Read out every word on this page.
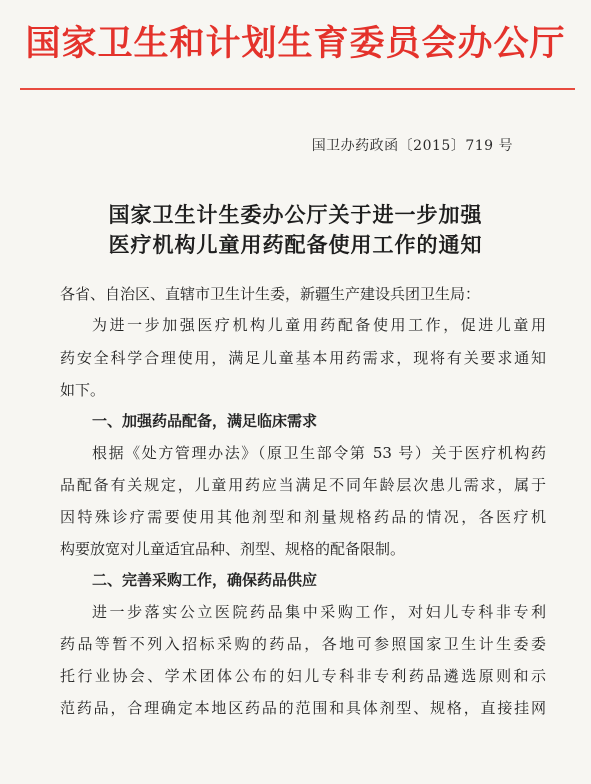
国家卫生和计划生育委员会办公厅
国卫办药政函〔2015〕719 号
国家卫生计生委办公厅关于进一步加强
医疗机构儿童用药配备使用工作的通知
各省、自治区、直辖市卫生计生委，新疆生产建设兵团卫生局：
为进一步加强医疗机构儿童用药配备使用工作，促进儿童用
药安全科学合理使用，满足儿童基本用药需求，现将有关要求通知
如下。
一、加强药品配备，满足临床需求
根据《处方管理办法》（原卫生部令第 53 号）关于医疗机构药
品配备有关规定，儿童用药应当满足不同年龄层次患儿需求，属于
因特殊诊疗需要使用其他剂型和剂量规格药品的情况，各医疗机
构要放宽对儿童适宜品种、剂型、规格的配备限制。
二、完善采购工作，确保药品供应
进一步落实公立医院药品集中采购工作，对妇儿专科非专利
药品等暂不列入招标采购的药品，各地可参照国家卫生计生委委
托行业协会、学术团体公布的妇儿专科非专利药品遴选原则和示
范药品，合理确定本地区药品的范围和具体剂型、规格，直接挂网
